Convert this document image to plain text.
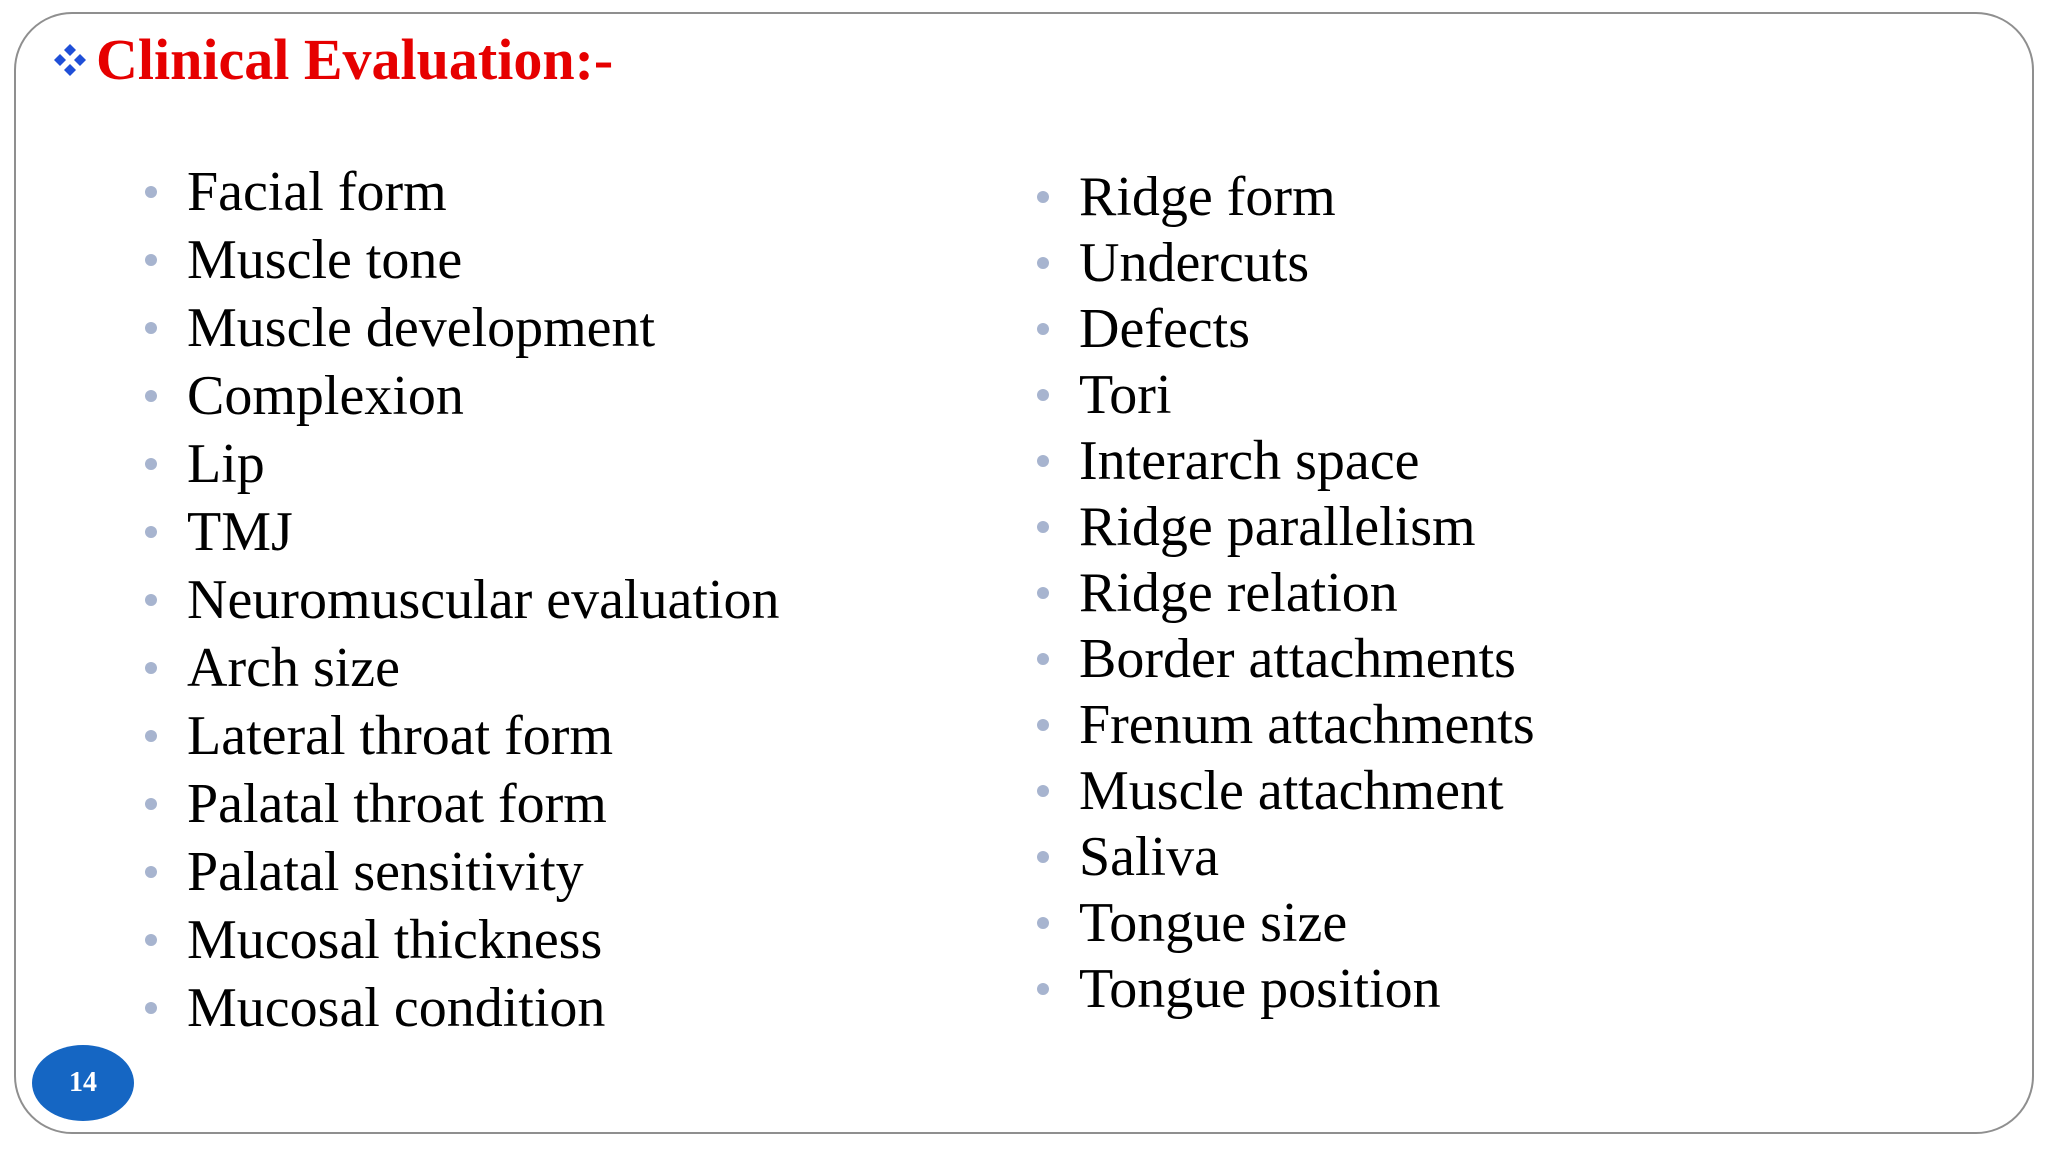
Clinical Evaluation:-
Facial form
Muscle tone
Muscle development
Complexion
Lip
TMJ
Neuromuscular evaluation
Arch size
Lateral throat form
Palatal throat form
Palatal sensitivity
Mucosal thickness
Mucosal condition
Ridge form
Undercuts
Defects
Tori
Interarch space
Ridge parallelism
Ridge relation
Border attachments
Frenum attachments
Muscle attachment
Saliva
Tongue size
Tongue position
14
